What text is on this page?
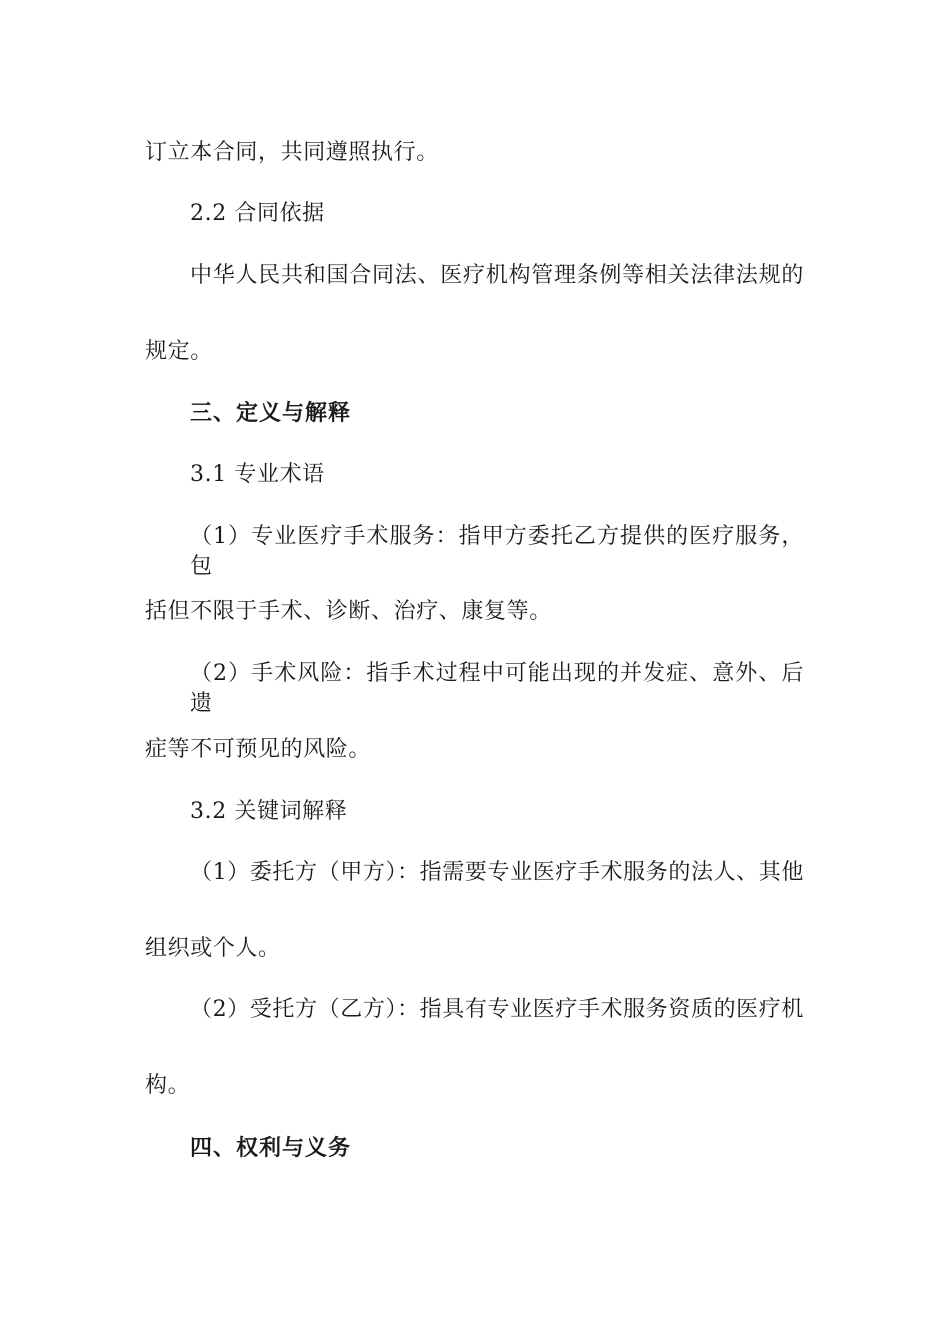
订立本合同，共同遵照执行。
2.2 合同依据
中华人民共和国合同法、医疗机构管理条例等相关法律法规的
规定。
三、定义与解释
3.1 专业术语
（1）专业医疗手术服务：指甲方委托乙方提供的医疗服务，包
括但不限于手术、诊断、治疗、康复等。
（2）手术风险：指手术过程中可能出现的并发症、意外、后遗
症等不可预见的风险。
3.2 关键词解释
（1）委托方（甲方）：指需要专业医疗手术服务的法人、其他
组织或个人。
（2）受托方（乙方）：指具有专业医疗手术服务资质的医疗机
构。
四、权利与义务
